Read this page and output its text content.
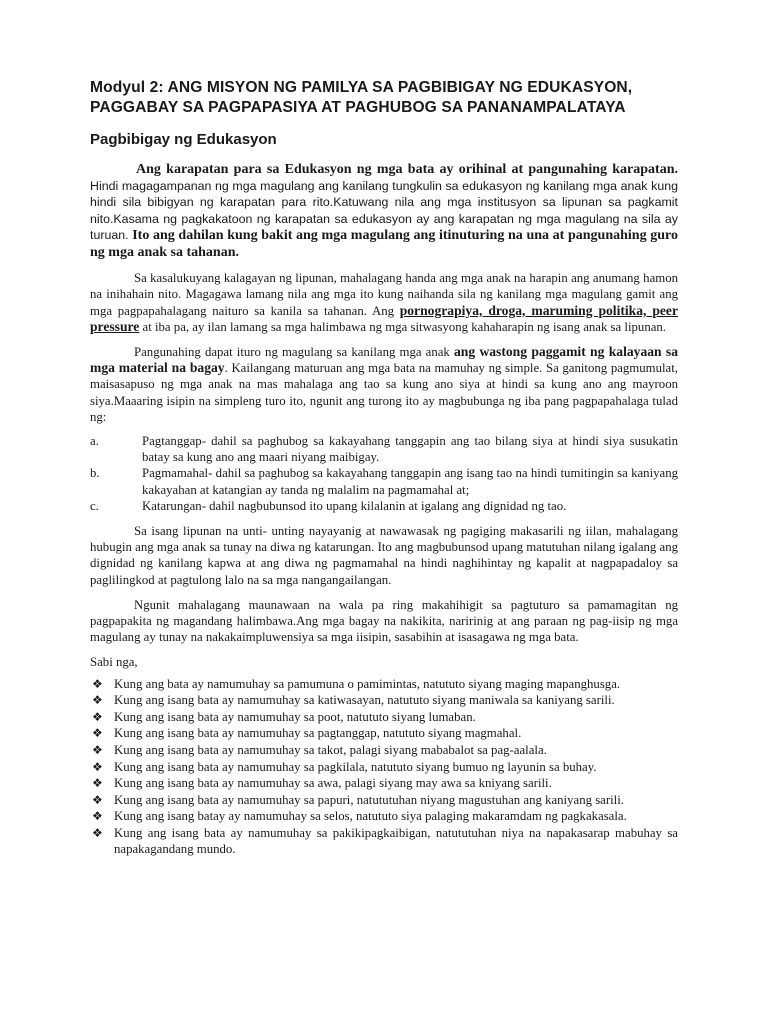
Modyul 2: ANG MISYON NG PAMILYA SA PAGBIBIGAY NG EDUKASYON,
PAGGABAY SA PAGPAPASIYA AT PAGHUBOG SA PANANAMPALATAYA
Pagbibigay ng Edukasyon

Ang karapatan para sa Edukasyon ng mga bata ay orihinal at pangunahing karapatan. Hindi magagampanan ng mga magulang ang kanilang tungkulin sa edukasyon ng kanilang mga anak kung hindi sila bibigyan ng karapatan para rito.Katuwang nila ang mga institusyon sa lipunan sa pagkamit nito.Kasama ng pagkakatoon ng karapatan sa edukasyon ay ang karapatan ng mga magulang na sila ay turuan. Ito ang dahilan kung bakit ang mga magulang ang itinuturing na una at pangunahing guro ng mga anak sa tahanan.

Sa kasalukuyang kalagayan ng lipunan, mahalagang handa ang mga anak na harapin ang anumang hamon na inihahain nito. Magagawa lamang nila ang mga ito kung naihanda sila ng kanilang mga magulang gamit ang mga pagpapahalagang naituro sa kanila sa tahanan. Ang pornograpiya, droga, maruming politika, peer pressure at iba pa, ay ilan lamang sa mga halimbawa ng mga sitwasyong kahaharapin ng isang anak sa lipunan.

Pangunahing dapat ituro ng magulang sa kanilang mga anak ang wastong paggamit ng kalayaan sa mga material na bagay. Kailangang maturuan ang mga bata na mamuhay ng simple. Sa ganitong pagmumulat, maisasapuso ng mga anak na mas mahalaga ang tao sa kung ano siya at hindi sa kung ano ang mayroon siya.Maaaring isipin na simpleng turo ito, ngunit ang turong ito ay magbubunga ng iba pang pagpapahalaga tulad ng:

a.	Pagtanggap- dahil sa paghubog sa kakayahang tanggapin ang tao bilang siya at hindi siya susukatin batay sa kung ano ang maari niyang maibigay.
b.	Pagmamahal- dahil sa paghubog sa kakayahang tanggapin ang isang tao na hindi tumitingin sa kaniyang kakayahan at katangian ay tanda ng malalim na pagmamahal at;
c.	Katarungan- dahil nagbubunsod ito upang kilalanin at igalang ang dignidad ng tao.

Sa isang lipunan na unti- unting nayayanig at nawawasak ng pagiging makasarili ng iilan, mahalagang hubugin ang mga anak sa tunay na diwa ng katarungan. Ito ang magbubunsod upang matutuhan nilang igalang ang dignidad ng kanilang kapwa at ang diwa ng pagmamahal na hindi naghihintay ng kapalit at nagpapadaloy sa paglilingkod at pagtulong lalo na sa mga nangangailangan.

Ngunit mahalagang maunawaan na wala pa ring makahihigit sa pagtuturo sa pamamagitan ng pagpapakita ng magandang halimbawa.Ang mga bagay na nakikita, naririnig at ang paraan ng pag-iisip ng mga magulang ay tunay na nakakaimpluwensiya sa mga iisipin, sasabihin at isasagawa ng mga bata.

Sabi nga,

❖ Kung ang bata ay namumuhay sa pamumuna o pamimintas, natututo siyang maging mapanghusga.
❖ Kung ang isang bata ay namumuhay sa katiwasayan, natututo siyang maniwala sa kaniyang sarili.
❖ Kung ang isang bata ay namumuhay sa poot, natututo siyang lumaban.
❖ Kung ang isang bata ay namumuhay sa pagtanggap, natututo siyang magmahal.
❖ Kung ang isang bata ay namumuhay sa takot, palagi siyang mababalot sa pag-aalala.
❖ Kung ang isang bata ay namumuhay sa pagkilala, natututo siyang bumuo ng layunin sa buhay.
❖ Kung ang isang bata ay namumuhay sa awa, palagi siyang may awa sa kniyang sarili.
❖ Kung ang isang bata ay namumuhay sa papuri, natututuhan niyang magustuhan ang kaniyang sarili.
❖ Kung ang isang batay ay namumuhay sa selos, natututo siya palaging makaramdam ng pagkakasala.
❖ Kung ang isang bata ay namumuhay sa pakikipagkaibigan, natututuhan niya na napakasarap mabuhay sa napakagandang mundo.
